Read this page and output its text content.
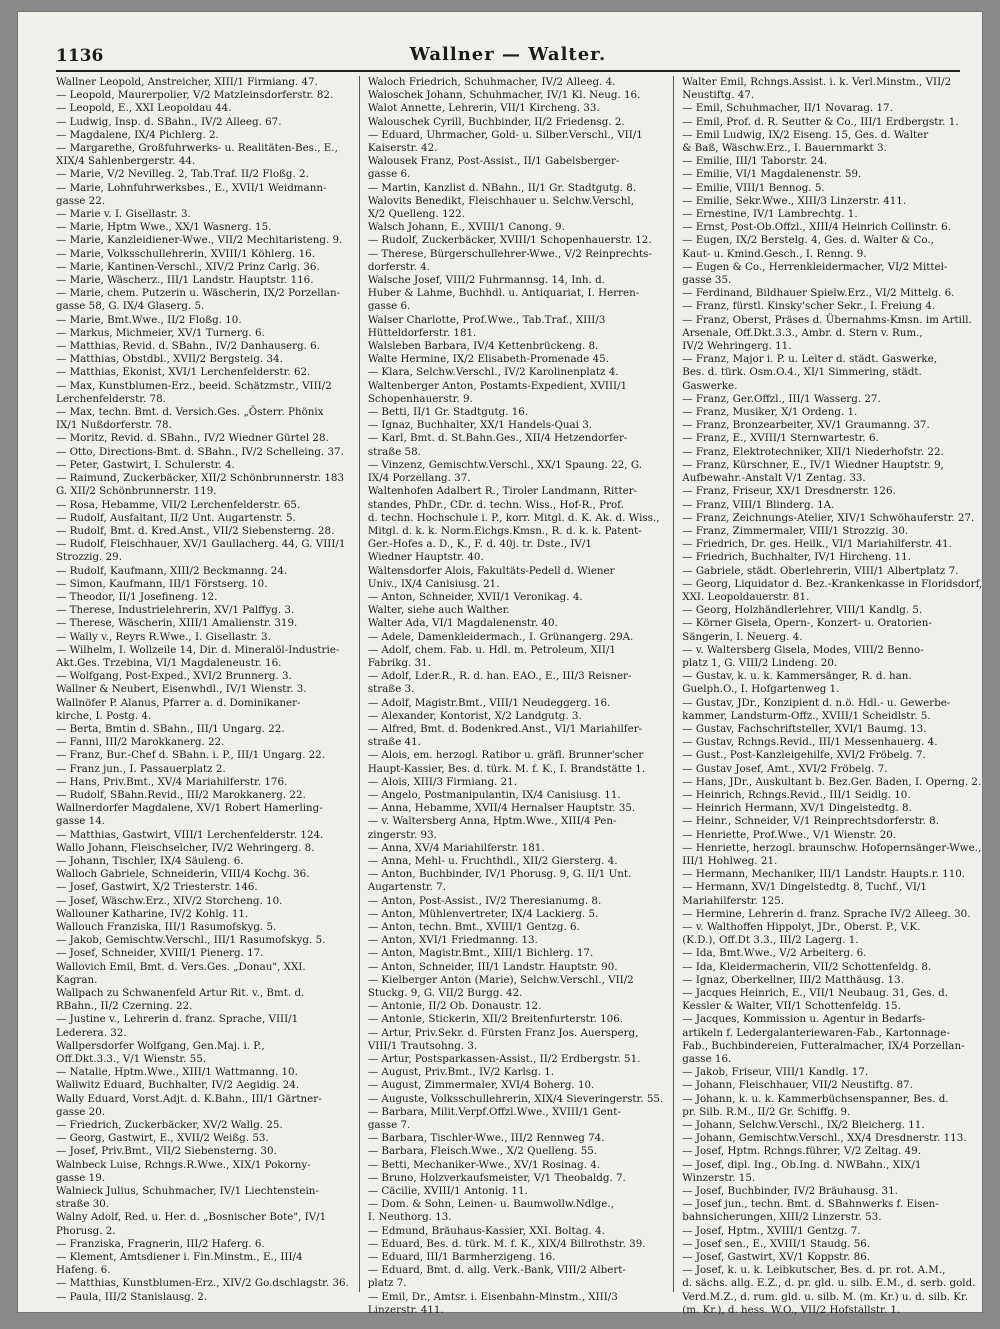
1136	Wallner — Walter.
Wallner Leopold, Anstreicher, XIII/1 Firmiang. 47.
— Leopold, Maurerpolier, V/2 Matzleinsdorferstr. 82.
— Leopold, E., XXI Leopoldau 44.
— Ludwig, Insp. d. SBahn., IV/2 Alleeg. 67.
— Magdalene, IX/4 Pichlerg. 2.
— Margarethe, Großfuhrwerks- u. Realitäten-Bes., E.,
XIX/4 Sahlenbergerstr. 44.
— Marie, V/2 Nevilleg. 2, Tab.Traf. II/2 Floßg. 2.
— Marie, Lohnfuhrwerksbes., E., XVII/1 Weidmann-
gasse 22.
— Marie v. I. Gisellastr. 3.
— Marie, Hptm Wwe., XX/1 Wasnerg. 15.
— Marie, Kanzleidiener-Wwe., VII/2 Mechitaristeng. 9.
— Marie, Volksschullehrerin, XVIII/1 Köhlerg. 16.
— Marie, Kantinen-Verschl., XIV/2 Prinz Carlg. 36.
— Marie, Wäscherz., III/1 Landstr. Hauptstr. 116.
— Marie, chem. Putzerin u. Wäscherin, IX/2 Porzellan-
gasse 58, G. IX/4 Glaserg. 5.
— Marie, Bmt.Wwe., II/2 Floßg. 10.
— Markus, Michmeier, XV/1 Turnerg. 6.
— Matthias, Revid. d. SBahn., IV/2 Danhauserg. 6.
— Matthias, Obstdbl., XVII/2 Bergsteig. 34.
— Matthias, Ekonist, XVI/1 Lerchenfelderstr. 62.
— Max, Kunstblumen-Erz., beeid. Schätzmstr., VIII/2
Lerchenfelderstr. 78.
— Max, techn. Bmt. d. Versich.Ges. „Österr. Phönix
IX/1 Nußdorferstr. 78.
— Moritz, Revid. d. SBahn., IV/2 Wiedner Gürtel 28.
— Otto, Directions-Bmt. d. SBahn., IV/2 Schelleing. 37.
— Peter, Gastwirt, I. Schulerstr. 4.
— Raimund, Zuckerbäcker, XII/2 Schönbrunnerstr. 183
G. XII/2 Schönbrunnerstr. 119.
— Rosa, Hebamme, VII/2 Lerchenfelderstr. 65.
— Rudolf, Ausfaltant, II/2 Unt. Augartenstr. 5.
— Rudolf, Bmt. d. Kred.Anst., VII/2 Siebensterng. 28.
— Rudolf, Fleischhauer, XV/1 Gaullacherg. 44, G. VIII/1
Strozzig. 29.
— Rudolf, Kaufmann, XIII/2 Beckmanng. 24.
— Simon, Kaufmann, III/1 Förstserg. 10.
— Theodor, II/1 Josefineng. 12.
— Therese, Industrielehrerin, XV/1 Palffyg. 3.
— Therese, Wäscherin, XIII/1 Amalienstr. 319.
— Wally v., Reyrs R.Wwe., I. Gisellastr. 3.
— Wilhelm, I. Wollzeile 14, Dir. d. Mineralöl-Industrie-
Akt.Ges. Trzebina, VI/1 Magdaleneustr. 16.
— Wolfgang, Post-Exped., XVI/2 Brunnerg. 3.
Wallner & Neubert, Eisenwhdl., IV/1 Wienstr. 3.
Wallnöfer P. Alanus, Pfarrer a. d. Dominikaner-
kirche, I. Postg. 4.
— Berta, Bmtin d. SBahn., III/1 Ungarg. 22.
— Fanni, III/2 Marokkanerg. 22.
— Franz, Bur.-Chef d. SBahn. i. P., III/1 Ungarg. 22.
— Franz jun., I. Passauerplatz 2.
— Hans, Priv.Bmt., XV/4 Mariahilferstr. 176.
— Rudolf, SBahn.Revid., III/2 Marokkanerg. 22.
Wallnerdorfer Magdalene, XV/1 Robert Hamerling-
gasse 14.
— Matthias, Gastwirt, VIII/1 Lerchenfelderstr. 124.
Wallo Johann, Fleischselcher, IV/2 Wehringerg. 8.
— Johann, Tischler, IX/4 Säuleng. 6.
Walloch Gabriele, Schneiderin, VIII/4 Kochg. 36.
— Josef, Gastwirt, X/2 Triesterstr. 146.
— Josef, Wäschw.Erz., XIV/2 Storcheng. 10.
Wallouner Katharine, IV/2 Kohlg. 11.
Wallouch Franziska, III/1 Rasumofskyg. 5.
— Jakob, Gemischtw.Verschl., III/1 Rasumofskyg. 5.
— Josef, Schneider, XVIII/1 Pienerg. 17.
Wallovich Emil, Bmt. d. Vers.Ges. „Donau", XXI.
Kagran.
Wallpach zu Schwanenfeld Artur Rit. v., Bmt. d.
RBahn., II/2 Czerning. 22.
— Justine v., Lehrerin d. franz. Sprache, VIII/1
Lederera. 32.
Wallpersdorfer Wolfgang, Gen.Maj. i. P.,
Off.Dkt.3.3., V/1 Wienstr. 55.
— Natalie, Hptm.Wwe., XIII/1 Wattmanng. 10.
Wallwitz Eduard, Buchhalter, IV/2 Aegidig. 24.
Wally Eduard, Vorst.Adjt. d. K.Bahn., III/1 Gärtner-
gasse 20.
— Friedrich, Zuckerbäcker, XV/2 Wallg. 25.
— Georg, Gastwirt, E., XVII/2 Weißg. 53.
— Josef, Priv.Bmt., VII/2 Siebensterng. 30.
Walnbeck Luise, Rchngs.R.Wwe., XIX/1 Pokorny-
gasse 19.
Walnieck Julius, Schuhmacher, IV/1 Liechtenstein-
straße 30.
Walny Adolf, Red. u. Her. d. „Bosnischer Bote", IV/1
Phorusg. 2.
— Franziska, Fragnerin, III/2 Haferg. 6.
— Klement, Amtsdiener i. Fin.Minstm., E., III/4
Hafeng. 6.
— Matthias, Kunstblumen-Erz., XIV/2 Go.dschlagstr. 36.
— Paula, III/2 Stanislausg. 2.
Waloch Friedrich, Schuhmacher, IV/2 Alleeg. 4.
Waloschek Johann, Schuhmacher, IV/1 Kl. Neug. 16.
Walot Annette, Lehrerin, VII/1 Kircheng. 33.
Walouschek Cyrill, Buchbinder, II/2 Friedensg. 2.
— Eduard, Uhrmacher, Gold- u. Silber.Verschl., VII/1
Kaiserstr. 42.
Walousek Franz, Post-Assist., II/1 Gabelsberger-
gasse 6.
— Martin, Kanzlist d. NBahn., II/1 Gr. Stadtgutg. 8.
Walovits Benedikt, Fleischhauer u. Selchw.Verschl,
X/2 Quelleng. 122.
Walsch Johann, E., XVIII/1 Canong. 9.
— Rudolf, Zuckerbäcker, XVIII/1 Schopenhauerstr. 12.
— Therese, Bürgerschullehrer-Wwe., V/2 Reinprechts-
dorferstr. 4.
Walsche Josef, VIII/2 Fuhrmannsg. 14, Inh. d.
Huber & Lahme, Buchhdl. u. Antiquariat, I. Herren-
gasse 6.
Walser Charlotte, Prof.Wwe., Tab.Traf., XIII/3
Hütteldorferstr. 181.
Walsleben Barbara, IV/4 Kettenbrückeng. 8.
Walte Hermine, IX/2 Elisabeth-Promenade 45.
— Klara, Selchw.Verschl., IV/2 Karolinenplatz 4.
Waltenberger Anton, Postamts-Expedient, XVIII/1
Schopenhauerstr. 9.
— Betti, II/1 Gr. Stadtgutg. 16.
— Ignaz, Buchhalter, XX/1 Handels-Quai 3.
— Karl, Bmt. d. St.Bahn.Ges., XII/4 Hetzendorfer-
straße 58.
— Vinzenz, Gemischtw.Verschl., XX/1 Spaung. 22, G.
IX/4 Porzellang. 37.
Waltenhofen Adalbert R., Tiroler Landmann, Ritter-
standes, PhDr., CDr. d. techn. Wiss., Hof-R., Prof.
d. techn. Hochschule i. P., korr. Mitgl. d. K. Ak. d. Wiss.,
Mitgl. d. k. k. Norm.Eichgs.Kmsn., R. d. k. k. Patent-
Ger.-Hofes a. D., K., F. d. 40j. tr. Dste., IV/1
Wiedner Hauptstr. 40.
Waltensdorfer Alois, Fakultäts-Pedell d. Wiener
Univ., IX/4 Canisiusg. 21.
— Anton, Schneider, XVII/1 Veronikag. 4.
Walter, siehe auch Walther.
Walter Ada, VI/1 Magdalenenstr. 40.
— Adele, Damenkleidermach., I. Grünangerg. 29A.
— Adolf, chem. Fab. u. Hdl. m. Petroleum, XII/1
Fabrikg. 31.
— Adolf, Lder.R., R. d. han. EAO., E., III/3 Reisner-
straße 3.
— Adolf, Magistr.Bmt., VIII/1 Neudeggerg. 16.
— Alexander, Kontorist, X/2 Landgutg. 3.
— Alfred, Bmt. d. Bodenkred.Anst., VI/1 Mariahilfer-
straße 41.
— Alois, em. herzogl. Ratibor u. gräfl. Brunner'scher
Haupt-Kassier, Bes. d. türk. M. f. K., I. Brandstätte 1.
— Alois, XIII/3 Firmiang. 21.
— Angelo, Postmanipulantin, IX/4 Canisiusg. 11.
— Anna, Hebamme, XVII/4 Hernalser Hauptstr. 35.
— v. Waltersberg Anna, Hptm.Wwe., XIII/4 Pen-
zingerstr. 93.
— Anna, XV/4 Mariahilferstr. 181.
— Anna, Mehl- u. Fruchthdl., XII/2 Giersterg. 4.
— Anton, Buchbinder, IV/1 Phorusg. 9, G. II/1 Unt.
Augartenstr. 7.
— Anton, Post-Assist., IV/2 Theresianumg. 8.
— Anton, Mühlenvertreter, IX/4 Lackierg. 5.
— Anton, techn. Bmt., XVIII/1 Gentzg. 6.
— Anton, XVI/1 Friedmanng. 13.
— Anton, Magistr.Bmt., XIII/1 Bichlerg. 17.
— Anton, Schneider, III/1 Landstr. Hauptstr. 90.
— Kielberger Anton (Marie), Selchw.Verschl., VII/2
Stuckg. 9, G. VII/2 Burgg. 42.
— Antonie, II/2 Ob. Donaustr. 12.
— Antonie, Stickerin, XII/2 Breitenfurterstr. 106.
— Artur, Priv.Sekr. d. Fürsten Franz Jos. Auersperg,
VIII/1 Trautsohng. 3.
— Artur, Postsparkassen-Assist., II/2 Erdbergstr. 51.
— August, Priv.Bmt., IV/2 Karlsg. 1.
— August, Zimmermaler, XVI/4 Boherg. 10.
— Auguste, Volksschullehrerin, XIX/4 Sieveringerstr. 55.
— Barbara, Milit.Verpf.Offzl.Wwe., XVIII/1 Gent-
gasse 7.
— Barbara, Tischler-Wwe., III/2 Rennweg 74.
— Barbara, Fleisch.Wwe., X/2 Quelleng. 55.
— Betti, Mechaniker-Wwe., XV/1 Rosinag. 4.
— Bruno, Holzverkaufsmeister, V/1 Theobaldg. 7.
— Cäcilie, XVIII/1 Antonig. 11.
— Dom. & Sohn, Leinen- u. Baumwollw.Ndlge.,
I. Neuthorg. 13.
— Edmund, Bräuhaus-Kassier, XXI. Boltag. 4.
— Eduard, Bes. d. türk. M. f. K., XIX/4 Billrothstr. 39.
— Eduard, III/1 Barmherzigeng. 16.
— Eduard, Bmt. d. allg. Verk.-Bank, VIII/2 Albert-
platz 7.
— Emil, Dr., Amtsr. i. Eisenbahn-Minstm., XIII/3
Linzerstr. 411.
Walter Emil, Rchngs.Assist. i. k. Verl.Minstm., VII/2
Neustiftg. 47.
— Emil, Schuhmacher, II/1 Novarag. 17.
— Emil, Prof. d. R. Seutter & Co., III/1 Erdbergstr. 1.
— Emil Ludwig, IX/2 Eiseng. 15, Ges. d. Walter
& Baß, Wäschw.Erz., I. Bauernmarkt 3.
— Emilie, III/1 Taborstr. 24.
— Emilie, VI/1 Magdalenenstr. 59.
— Emilie, VIII/1 Bennog. 5.
— Emilie, Sekr.Wwe., XIII/3 Linzerstr. 411.
— Ernestine, IV/1 Lambrechtg. 1.
— Ernst, Post-Ob.Offzl., XIII/4 Heinrich Collinstr. 6.
— Eugen, IX/2 Berstelg. 4, Ges. d. Walter & Co.,
Kaut- u. Kmind.Gesch., I. Renng. 9.
— Eugen & Co., Herrenkleidermacher, VI/2 Mittel-
gasse 35.
— Ferdinand, Bildhauer Spielw.Erz., VI/2 Mittelg. 6.
— Franz, fürstl. Kinsky'scher Sekr., I. Freiung 4.
— Franz, Oberst, Präses d. Übernahms-Kmsn. im Artill.
Arsenale, Off.Dkt.3.3., Ambr. d. Stern v. Rum.,
IV/2 Wehringerg. 11.
— Franz, Major i. P. u. Leiter d. städt. Gaswerke,
Bes. d. türk. Osm.O.4., XI/1 Simmering, städt.
Gaswerke.
— Franz, Ger.Offzl., III/1 Wasserg. 27.
— Franz, Musiker, X/1 Ordeng. 1.
— Franz, Bronzearbeiter, XV/1 Graumanng. 37.
— Franz, E., XVIII/1 Sternwartestr. 6.
— Franz, Elektrotechniker, XII/1 Niederhofstr. 22.
— Franz, Kürschner, E., IV/1 Wiedner Hauptstr. 9,
Aufbewahr.-Anstalt V/1 Zentag. 33.
— Franz, Friseur, XX/1 Dresdnerstr. 126.
— Franz, VIII/1 Blinderg. 1A.
— Franz, Zeichnungs-Atelier, XIV/1 Schwöhauferstr. 27.
— Franz, Zimmermaler, VIII/1 Strozzig. 30.
— Friedrich, Dr. ges. Heilk., VI/1 Mariahilferstr. 41.
— Friedrich, Buchhalter, IV/1 Hircheng. 11.
— Gabriele, städt. Oberlehrerin, VIII/1 Albertplatz 7.
— Georg, Liquidator d. Bez.-Krankenkasse in Floridsdorf,
XXI. Leopoldauerstr. 81.
— Georg, Holzhändlerlehrer, VIII/1 Kandlg. 5.
— Körner Gisela, Opern-, Konzert- u. Oratorien-
Sängerin, I. Neuerg. 4.
— v. Waltersberg Gisela, Modes, VIII/2 Benno-
platz 1, G. VIII/2 Lindeng. 20.
— Gustav, k. u. k. Kammersänger, R. d. han.
Guelph.O., I. Hofgartenweg 1.
— Gustav, JDr., Konzipient d. n.ö. Hdl.- u. Gewerbe-
kammer, Landsturm-Offz., XVIII/1 Scheidlstr. 5.
— Gustav, Fachschriftsteller, XVI/1 Baumg. 13.
— Gustav, Rchngs.Revid., III/1 Messenhauerg. 4.
— Gust., Post-Kanzleigehilfe, XVI/2 Fröbelg. 7.
— Gustav Josef, Amt., XVI/2 Fröbelg. 7.
— Hans, JDr., Auskultant b. Bez.Ger. Baden, I. Operng. 2.
— Heinrich, Rchngs.Revid., III/1 Seidlg. 10.
— Heinrich Hermann, XV/1 Dingelstedtg. 8.
— Heinr., Schneider, V/1 Reinprechtsdorferstr. 8.
— Henriette, Prof.Wwe., V/1 Wienstr. 20.
— Henriette, herzogl. braunschw. Hofopernsänger-Wwe.,
III/1 Hohlweg. 21.
— Hermann, Mechaniker, III/1 Landstr. Haupts.r. 110.
— Hermann, XV/1 Dingelstedtg. 8, Tuchf., VI/1
Mariahilferstr. 125.
— Hermine, Lehrerin d. franz. Sprache IV/2 Alleeg. 30.
— v. Walthoffen Hippolyt, JDr., Oberst. P., V.K.
(K.D.), Off.Dt 3.3., III/2 Lagerg. 1.
— Ida, Bmt.Wwe., V/2 Arbeiterg. 6.
— Ida, Kleidermacherin, VII/2 Schottenfeldg. 8.
— Ignaz, Oberkellner, III/2 Matthäusg. 13.
— Jacques Heinrich, E., VII/1 Neubaug. 31, Ges. d.
Kessler & Walter, VII/1 Schottenfeldg. 15.
— Jacques, Kommission u. Agentur in Bedarfs-
artikeln f. Ledergalanteriewaren-Fab., Kartonnage-
Fab., Buchbindereien, Futteralmacher, IX/4 Porzellan-
gasse 16.
— Jakob, Friseur, VIII/1 Kandlg. 17.
— Johann, Fleischhauer, VII/2 Neustiftg. 87.
— Johann, k. u. k. Kammerbüchsenspanner, Bes. d.
pr. Silb. R.M., II/2 Gr. Schiffg. 9.
— Johann, Selchw.Verschl., IX/2 Bleicherg. 11.
— Johann, Gemischtw.Verschl., XX/4 Dresdnerstr. 113.
— Josef, Hptm. Rchngs.führer, V/2 Zeltag. 49.
— Josef, dipl. Ing., Ob.Ing. d. NWBahn., XIX/1
Winzerstr. 15.
— Josef, Buchbinder, IV/2 Bräuhausg. 31.
— Josef jun., techn. Bmt. d. SBahnwerks f. Eisen-
bahnsicherungen, XIII/2 Linzerstr. 53.
— Josef, Hptm., XVIII/1 Gentzg. 7.
— Josef sen., E., XVIII/1 Staudg. 56.
— Josef, Gastwirt, XV/1 Koppstr. 86.
— Josef, k. u. k. Leibkutscher, Bes. d. pr. rot. A.M.,
d. sächs. allg. E.Z., d. pr. gld. u. silb. E.M., d. serb. gold.
Verd.M.Z., d. rum. gld. u. silb. M. (m. Kr.) u. d. silb. Kr.
(m. Kr.), d. hess. W.O., VII/2 Hofstallstr. 1.
